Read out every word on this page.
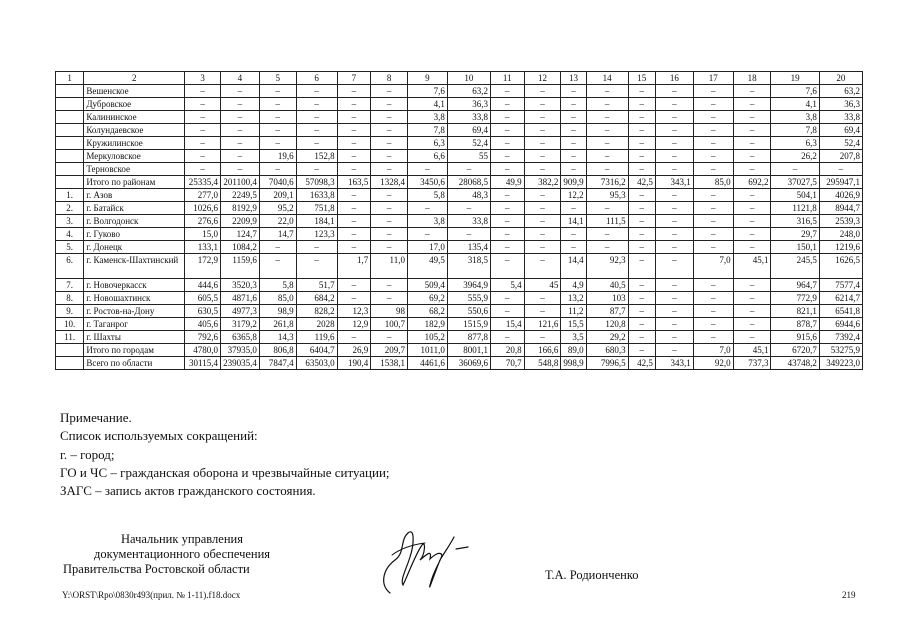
1	2	3	4	5	6	7	8	9	10	11	12	13	14	15	16	17	18	19	20
	Вешенское	–	–	–	–	–	–	7,6	63,2	–	–	–	–	–	–	–	–	7,6	63,2
	Дубровское	–	–	–	–	–	–	4,1	36,3	–	–	–	–	–	–	–	–	4,1	36,3
	Калининское	–	–	–	–	–	–	3,8	33,8	–	–	–	–	–	–	–	–	3,8	33,8
	Колундаевское	–	–	–	–	–	–	7,8	69,4	–	–	–	–	–	–	–	–	7,8	69,4
	Кружилинское	–	–	–	–	–	–	6,3	52,4	–	–	–	–	–	–	–	–	6,3	52,4
	Меркуловское	–	–	19,6	152,8	–	–	6,6	55	–	–	–	–	–	–	–	–	26,2	207,8
	Терновское	–	–	–	–	–	–	–	–	–	–	–	–	–	–	–	–	–	–
	Итого по районам	25335,4	201100,4	7040,6	57098,3	163,5	1328,4	3450,6	28068,5	49,9	382,2	909,9	7316,2	42,5	343,1	85,0	692,2	37027,5	295947,1
1.	г. Азов	277,0	2249,5	209,1	1633,8	–	–	5,8	48,3	–	–	12,2	95,3	–	–	–	–	504,1	4026,9
2.	г. Батайск	1026,6	8192,9	95,2	751,8	–	–	–	–	–	–	–	–	–	–	–	–	1121,8	8944,7
3.	г. Волгодонск	276,6	2209,9	22,0	184,1	–	–	3,8	33,8	–	–	14,1	111,5	–	–	–	–	316,5	2539,3
4.	г. Гуково	15,0	124,7	14,7	123,3	–	–	–	–	–	–	–	–	–	–	–	–	29,7	248,0
5.	г. Донецк	133,1	1084,2	–	–	–	–	17,0	135,4	–	–	–	–	–	–	–	–	150,1	1219,6
6.	г. Каменск-Шахтинский	172,9	1159,6	–	–	1,7	11,0	49,5	318,5	–	–	14,4	92,3	–	–	7,0	45,1	245,5	1626,5
7.	г. Новочеркасск	444,6	3520,3	5,8	51,7	–	–	509,4	3964,9	5,4	45	4,9	40,5	–	–	–	–	964,7	7577,4
8.	г. Новошахтинск	605,5	4871,6	85,0	684,2	–	–	69,2	555,9	–	–	13,2	103	–	–	–	–	772,9	6214,7
9.	г. Ростов-на-Дону	630,5	4977,3	98,9	828,2	12,3	98	68,2	550,6	–	–	11,2	87,7	–	–	–	–	821,1	6541,8
10.	г. Таганрог	405,6	3179,2	261,8	2028	12,9	100,7	182,9	1515,9	15,4	121,6	15,5	120,8	–	–	–	–	878,7	6944,6
11.	г. Шахты	792,6	6365,8	14,3	119,6	–	–	105,2	877,8	–	–	3,5	29,2	–	–	–	–	915,6	7392,4
	Итого по городам	4780,0	37935,0	806,8	6404,7	26,9	209,7	1011,0	8001,1	20,8	166,6	89,0	680,3	–	–	7,0	45,1	6720,7	53275,9
	Всего по области	30115,4	239035,4	7847,4	63503,0	190,4	1538,1	4461,6	36069,6	70,7	548,8	998,9	7996,5	42,5	343,1	92,0	737,3	43748,2	349223,0
Примечание.
Список используемых сокращений:
г. – город;
ГО и ЧС – гражданская оборона и чрезвычайные ситуации;
ЗАГС – запись актов гражданского состояния.
Начальник управления
документационного обеспечения
Правительства Ростовской области	Т.А. Родионченко
Y:\ORST\Rpo\0830r493(прил. № 1-11).f18.docx	219
